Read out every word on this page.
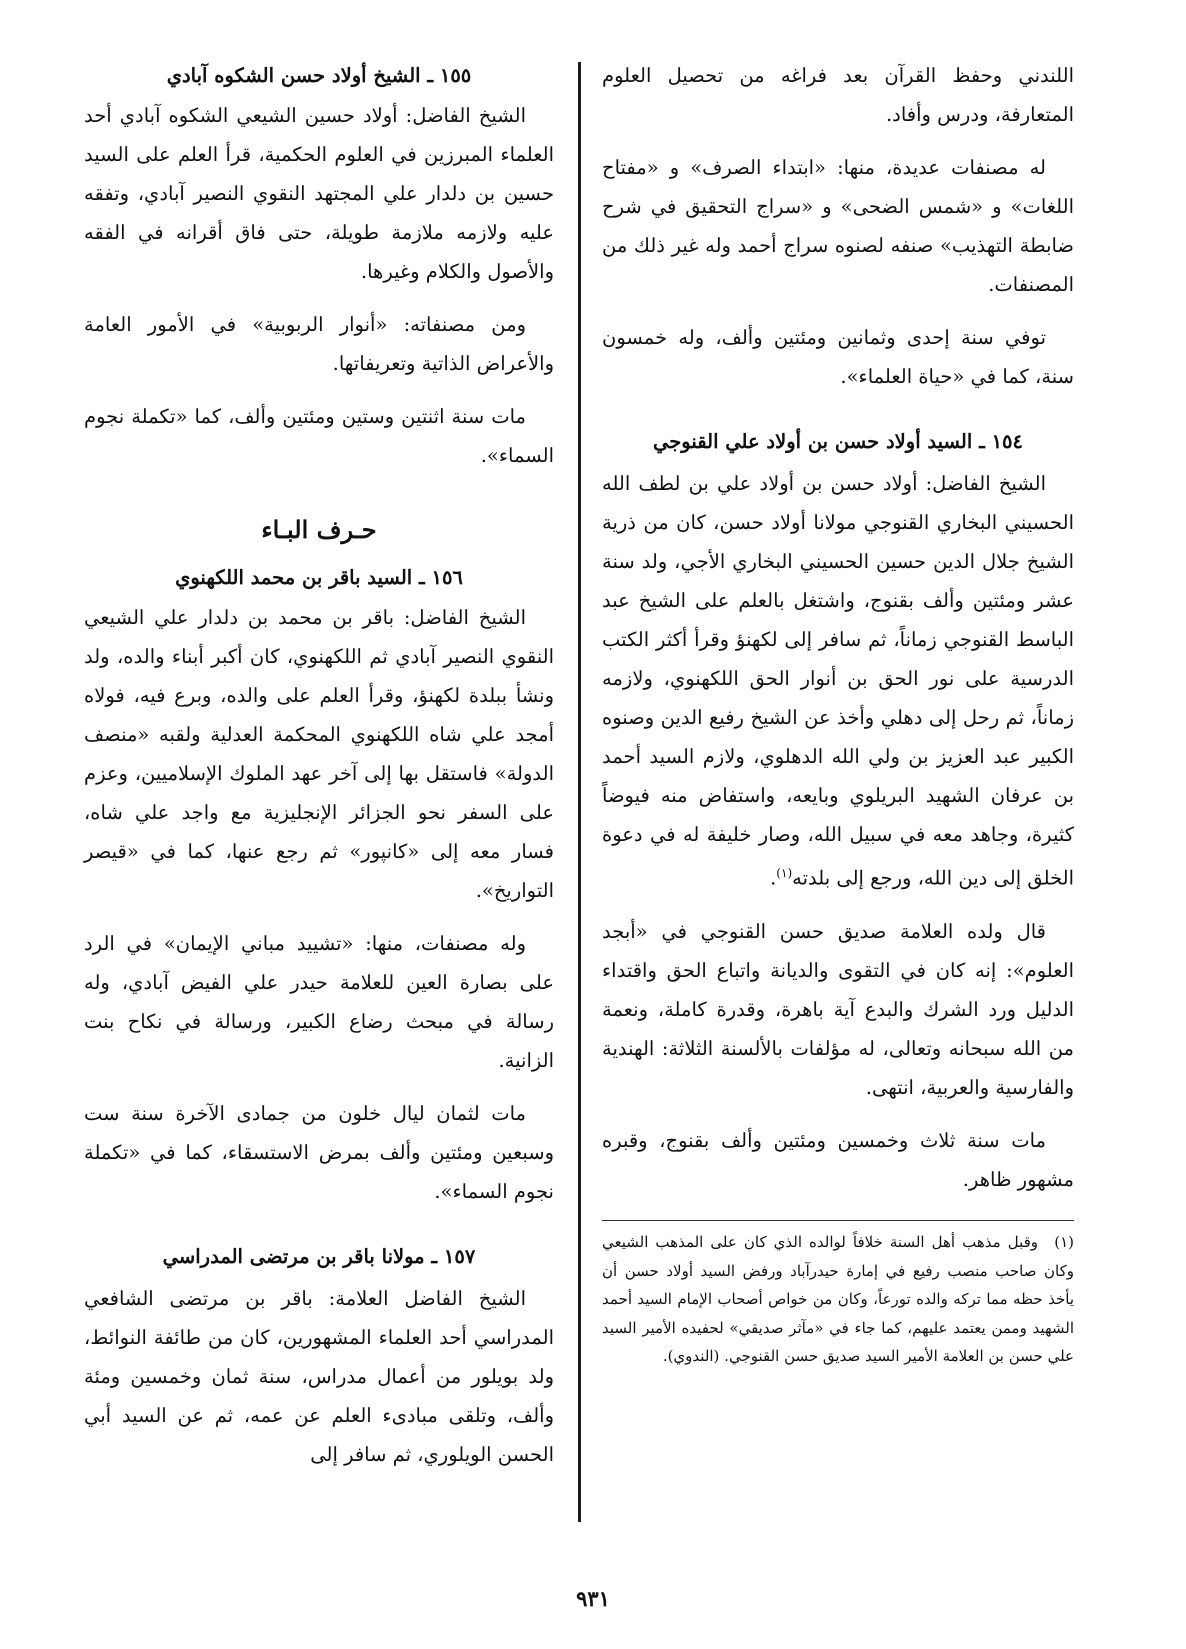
اللندني وحفظ القرآن بعد فراغه من تحصيل العلوم المتعارفة، ودرس وأفاد.

له مصنفات عديدة، منها: «ابتداء الصرف» و «مفتاح اللغات» و «شمس الضحى» و «سراج التحقيق في شرح ضابطة التهذيب» صنفه لصنوه سراج أحمد وله غير ذلك من المصنفات.

توفي سنة إحدى وثمانين ومئتين وألف، وله خمسون سنة، كما في «حياة العلماء».

١٥٤ ـ السيد أولاد حسن بن أولاد علي القنوجي

الشيخ الفاضل: أولاد حسن بن أولاد علي بن لطف الله الحسيني البخاري القنوجي مولانا أولاد حسن، كان من ذرية الشيخ جلال الدين حسين الحسيني البخاري الأجي، ولد سنة عشر ومئتين وألف بقنوج، واشتغل بالعلم على الشيخ عبد الباسط القنوجي زماناً، ثم سافر إلى لكهنؤ وقرأ أكثر الكتب الدرسية على نور الحق بن أنوار الحق اللكهنوي، ولازمه زماناً، ثم رحل إلى دهلي وأخذ عن الشيخ رفيع الدين وصنوه الكبير عبد العزيز بن ولي الله الدهلوي، ولازم السيد أحمد بن عرفان الشهيد البريلوي وبايعه، واستفاض منه فيوضاً كثيرة، وجاهد معه في سبيل الله، وصار خليفة له في دعوة الخلق إلى دين الله، ورجع إلى بلدته$^{(١)}$.

قال ولده العلامة صديق حسن القنوجي في «أبجد العلوم»: إنه كان في التقوى والديانة واتباع الحق واقتداء الدليل ورد الشرك والبدع آية باهرة، وقدرة كاملة، ونعمة من الله سبحانه وتعالى، له مؤلفات بالألسنة الثلاثة: الهندية والفارسية والعربية، انتهى.

مات سنة ثلاث وخمسين ومئتين وألف بقنوج، وقبره مشهور ظاهر.

(١)وقبل مذهب أهل السنة خلافاً لوالده الذي كان على المذهب الشيعي وكان صاحب منصب رفيع في إمارة حيدرآباد ورفض السيد أولاد حسن أن يأخذ حظه مما تركه والده تورعاً، وكان من خواص أصحاب الإمام السيد أحمد الشهيد وممن يعتمد عليهم، كما جاء في «مآثر صديقي» لحفيده الأمير السيد علي حسن بن العلامة الأمير السيد صديق حسن القنوجي. (الندوي).

١٥٥ ـ الشيخ أولاد حسن الشكوه آبادي

الشيخ الفاضل: أولاد حسين الشيعي الشكوه آبادي أحد العلماء المبرزين في العلوم الحكمية، قرأ العلم على السيد حسين بن دلدار علي المجتهد النقوي النصير آبادي، وتفقه عليه ولازمه ملازمة طويلة، حتى فاق أقرانه في الفقه والأصول والكلام وغيرها.

ومن مصنفاته: «أنوار الربوبية» في الأمور العامة والأعراض الذاتية وتعريفاتها.

مات سنة اثنتين وستين ومئتين وألف، كما «تكملة نجوم السماء».

حـرف البـاء
١٥٦ ـ السيد باقر بن محمد اللكهنوي

الشيخ الفاضل: باقر بن محمد بن دلدار علي الشيعي النقوي النصير آبادي ثم اللكهنوي، كان أكبر أبناء والده، ولد ونشأ ببلدة لكهنؤ، وقرأ العلم على والده، وبرع فيه، فولاه أمجد علي شاه اللكهنوي المحكمة العدلية ولقبه «منصف الدولة» فاستقل بها إلى آخر عهد الملوك الإسلاميين، وعزم على السفر نحو الجزائر الإنجليزية مع واجد علي شاه، فسار معه إلى «كانپور» ثم رجع عنها، كما في «قيصر التواريخ».

وله مصنفات، منها: «تشييد مباني الإيمان» في الرد على بصارة العين للعلامة حيدر علي الفيض آبادي، وله رسالة في مبحث رضاع الكبير، ورسالة في نكاح بنت الزانية.

مات لثمان ليال خلون من جمادى الآخرة سنة ست وسبعين ومئتين وألف بمرض الاستسقاء، كما في «تكملة نجوم السماء».

١٥٧ ـ مولانا باقر بن مرتضى المدراسي

الشيخ الفاضل العلامة: باقر بن مرتضى الشافعي المدراسي أحد العلماء المشهورين، كان من طائفة النوائط، ولد بويلور من أعمال مدراس، سنة ثمان وخمسين ومئة وألف، وتلقى مبادىء العلم عن عمه، ثم عن السيد أبي الحسن الويلوري، ثم سافر إلى

٩٣١
